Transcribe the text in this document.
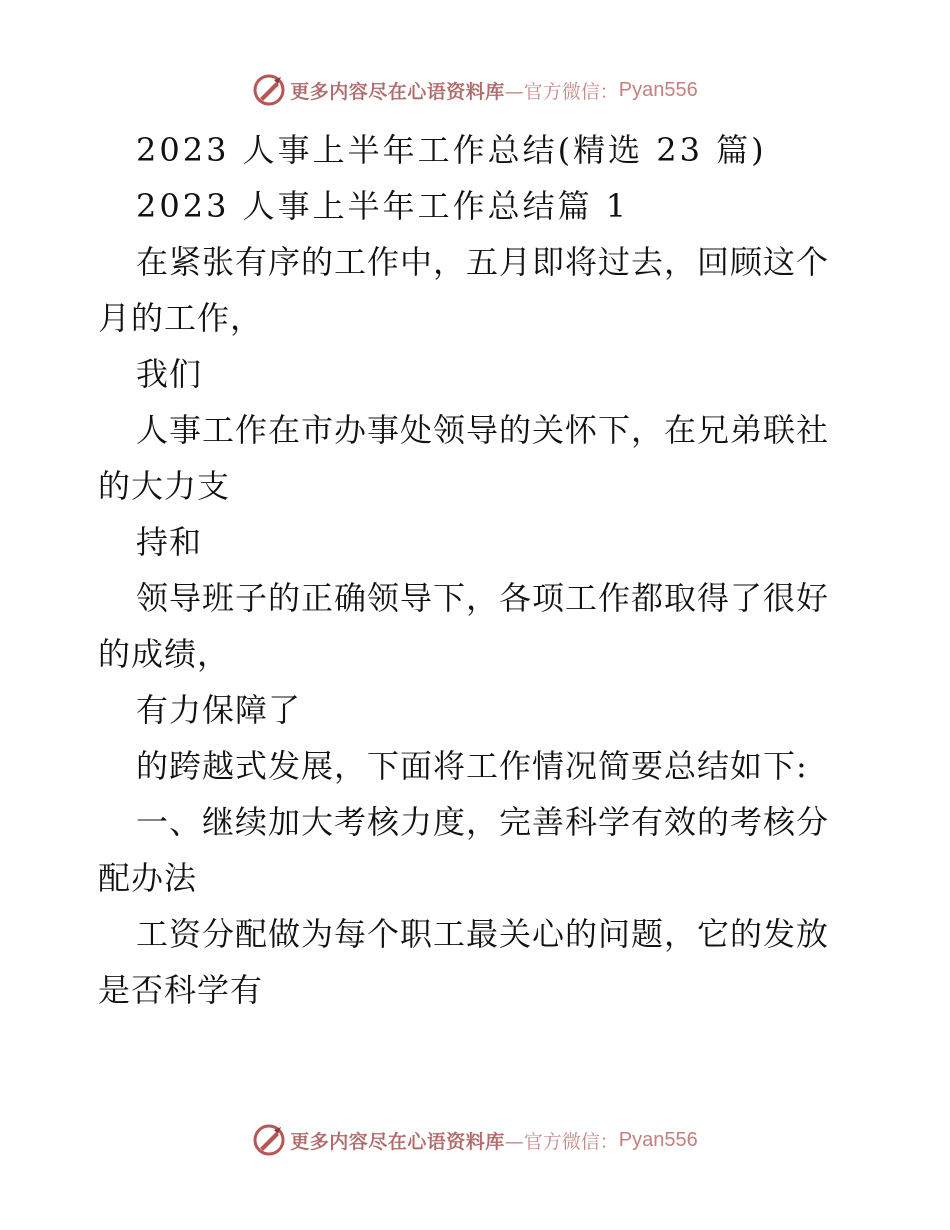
更多内容尽在心语资料库 —官方微信： Pyan556
2023 人事上半年工作总结(精选 23 篇)
2023 人事上半年工作总结篇 1
在紧张有序的工作中，五月即将过去，回顾这个
月的工作，
我们
人事工作在市办事处领导的关怀下，在兄弟联社
的大力支
持和
领导班子的正确领导下，各项工作都取得了很好
的成绩，
有力保障了
的跨越式发展，下面将工作情况简要总结如下:
一、继续加大考核力度，完善科学有效的考核分
配办法
工资分配做为每个职工最关心的问题，它的发放
是否科学有
更多内容尽在心语资料库 —官方微信： Pyan556
